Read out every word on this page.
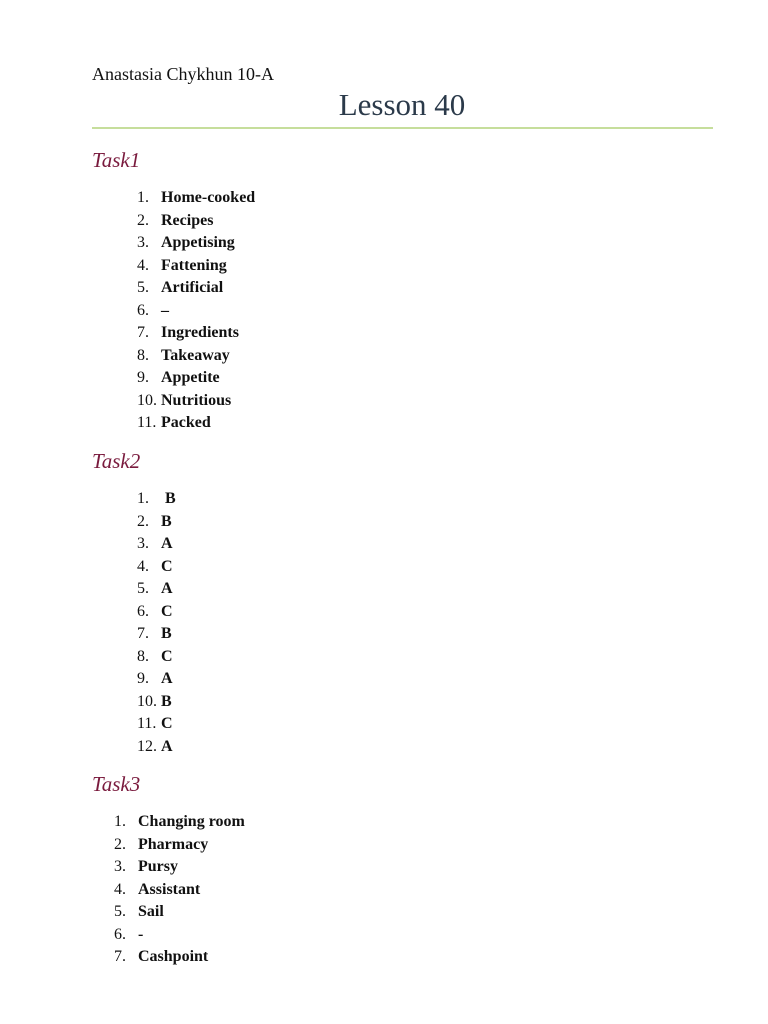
Anastasia Chykhun 10-A
Lesson 40
Task1
1. Home-cooked
2. Recipes
3. Appetising
4. Fattening
5. Artificial
6. –
7. Ingredients
8. Takeaway
9. Appetite
10. Nutritious
11. Packed
Task2
1. B
2. B
3. A
4. C
5. A
6. C
7. B
8. C
9. A
10. B
11. C
12. A
Task3
1. Changing room
2. Pharmacy
3. Pursy
4. Assistant
5. Sail
6. -
7. Cashpoint
